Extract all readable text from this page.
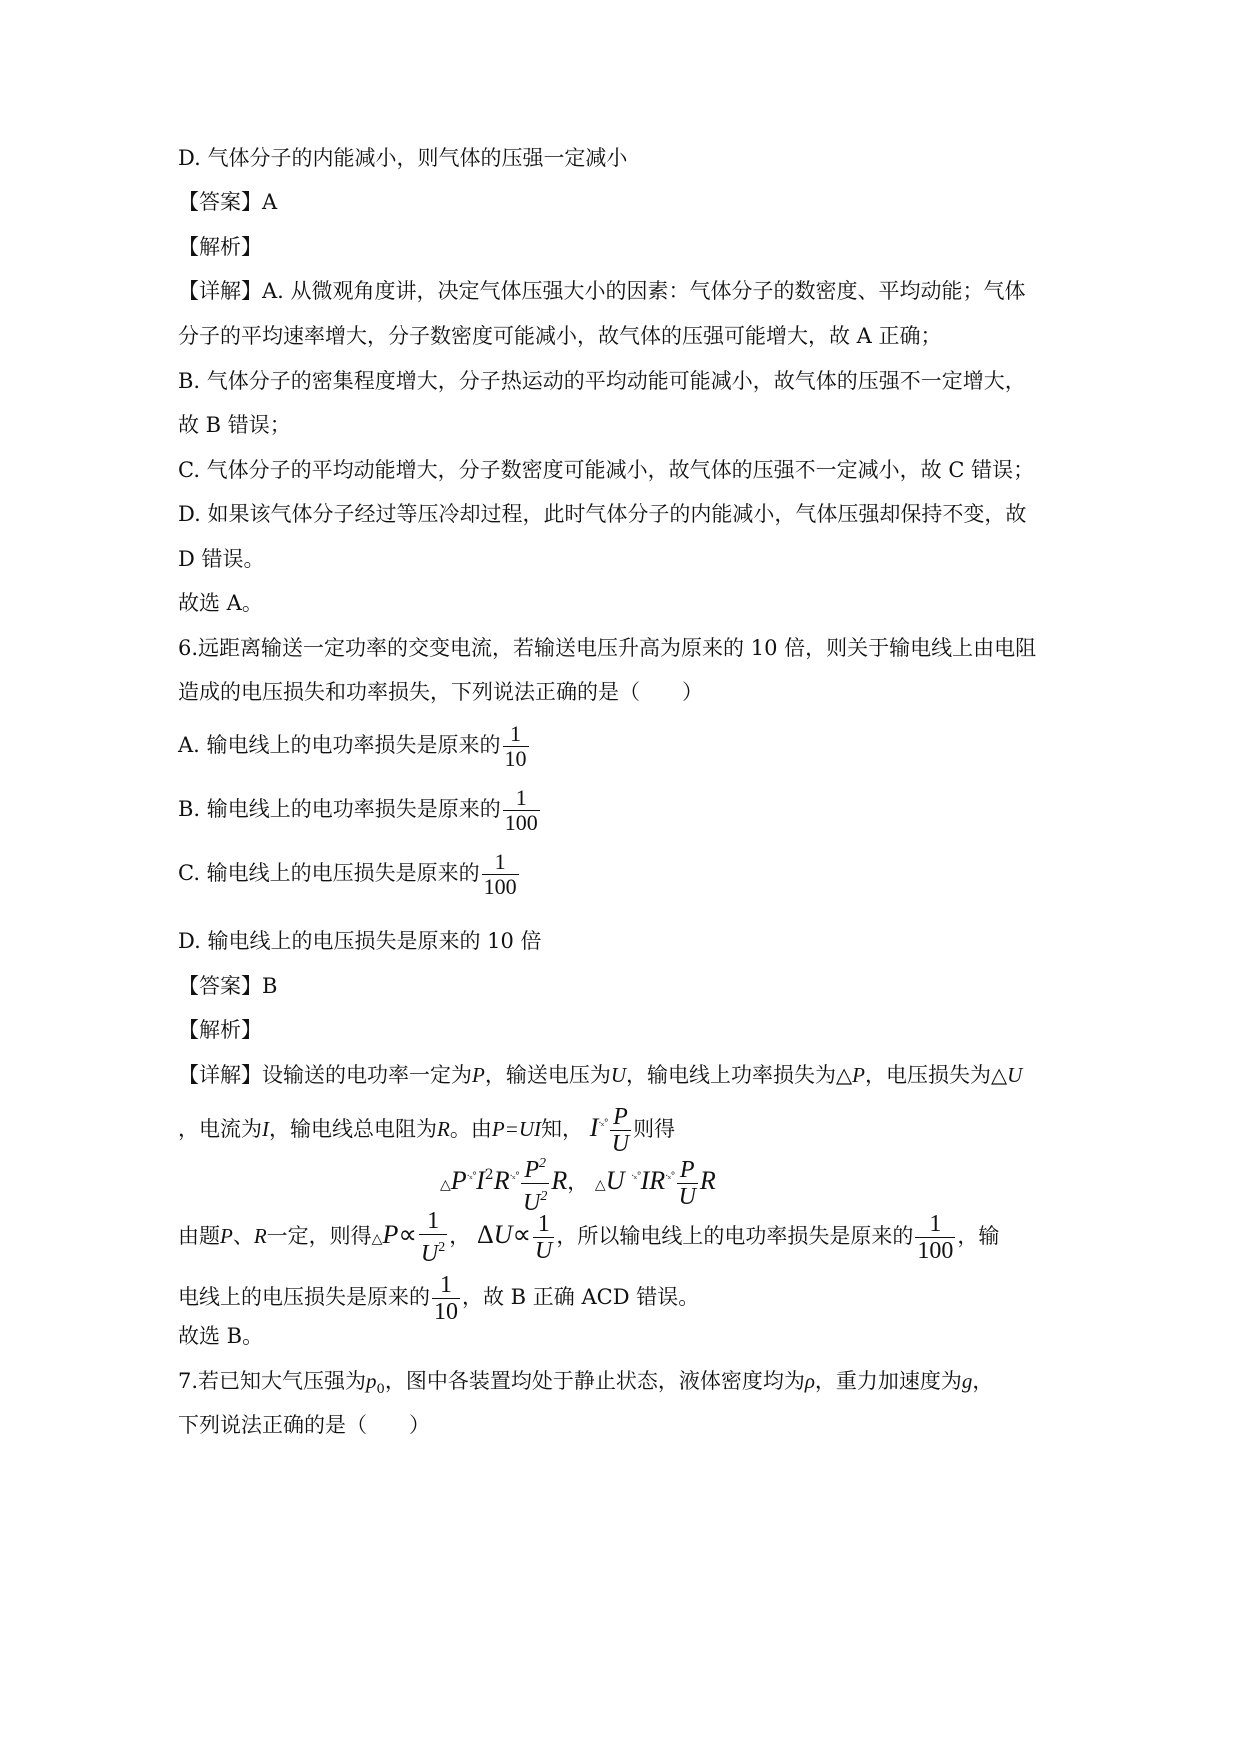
D. 气体分子的内能减小，则气体的压强一定减小
【答案】A
【解析】
【详解】A. 从微观角度讲，决定气体压强大小的因素：气体分子的数密度、平均动能；气体
分子的平均速率增大，分子数密度可能减小，故气体的压强可能增大，故 A 正确；
B. 气体分子的密集程度增大，分子热运动的平均动能可能减小，故气体的压强不一定增大，
故 B 错误；
C. 气体分子的平均动能增大，分子数密度可能减小，故气体的压强不一定减小，故 C 错误；
D. 如果该气体分子经过等压冷却过程，此时气体分子的内能减小，气体压强却保持不变，故
D 错误。
故选 A。
6.远距离输送一定功率的交变电流，若输送电压升高为原来的 10 倍，则关于输电线上由电阻
造成的电压损失和功率损失，下列说法正确的是（　　）
A. 输电线上的电功率损失是原来的 $\frac{1}{10}$
B. 输电线上的电功率损失是原来的 $\frac{1}{100}$
C. 输电线上的电压损失是原来的 $\frac{1}{100}$
D. 输电线上的电压损失是原来的 10 倍
【答案】B
【解析】
【详解】设输送的电功率一定为P，输送电压为U，输电线上功率损失为△P，电压损失为△U
，电流为I，输电线总电阻为R。由P=UI知， $I^{\cdot_x^\circ} \frac{P}{U}$ 则得
$\triangle P^{\cdot_x^\circ}I^2R^{\cdot_x^\circ} \frac{P^2}{U^2}$ R， △U $^{\cdot_x^\circ}IR^{\cdot_x^\circ} \frac{P}{U}$ R
由题P、R一定，则得△P∝ $\frac{1}{U^2}$ ， $\Delta U\propto \frac{1}{U}$ ，所以输电线上的电功率损失是原来的 $\frac{1}{100}$ ，输
电线上的电压损失是原来的 $\frac{1}{10}$ ，故 B 正确 ACD 错误。
故选 B。
7.若已知大气压强为$p_0$，图中各装置均处于静止状态，液体密度均为ρ，重力加速度为g，
下列说法正确的是（　　）
